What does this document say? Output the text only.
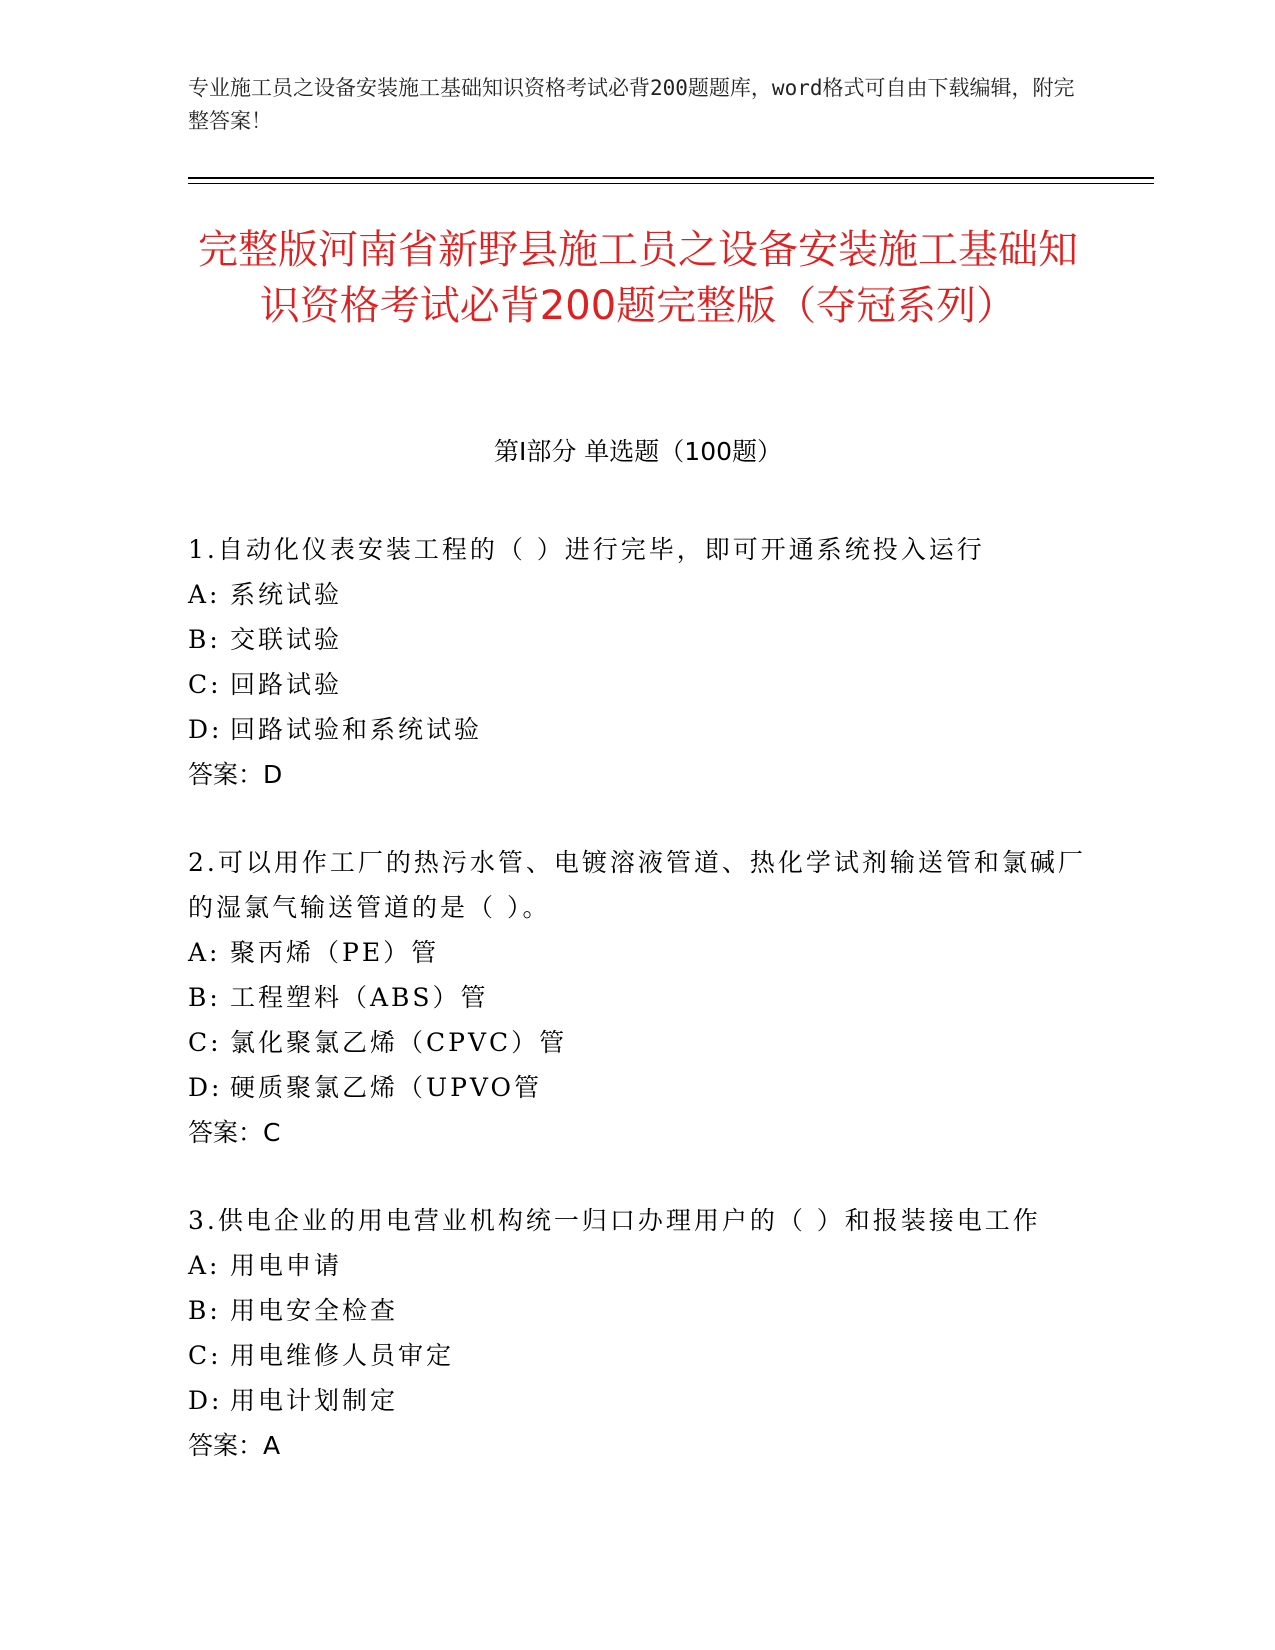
专业施工员之设备安装施工基础知识资格考试必背200题题库，word格式可自由下载编辑，附完整答案！
完整版河南省新野县施工员之设备安装施工基础知识资格考试必背200题完整版（夺冠系列）
第Ⅰ部分 单选题（100题）
1.自动化仪表安装工程的（ ）进行完毕，即可开通系统投入运行
A: 系统试验
B: 交联试验
C: 回路试验
D: 回路试验和系统试验
答案：D
2.可以用作工厂的热污水管、电镀溶液管道、热化学试剂输送管和氯碱厂的湿氯气输送管道的是（ ）。
A: 聚丙烯（PE）管
B: 工程塑料（ABS）管
C: 氯化聚氯乙烯（CPVC）管
D: 硬质聚氯乙烯（UPVO管
答案：C
3.供电企业的用电营业机构统一归口办理用户的（ ）和报装接电工作
A: 用电申请
B: 用电安全检查
C: 用电维修人员审定
D: 用电计划制定
答案：A
